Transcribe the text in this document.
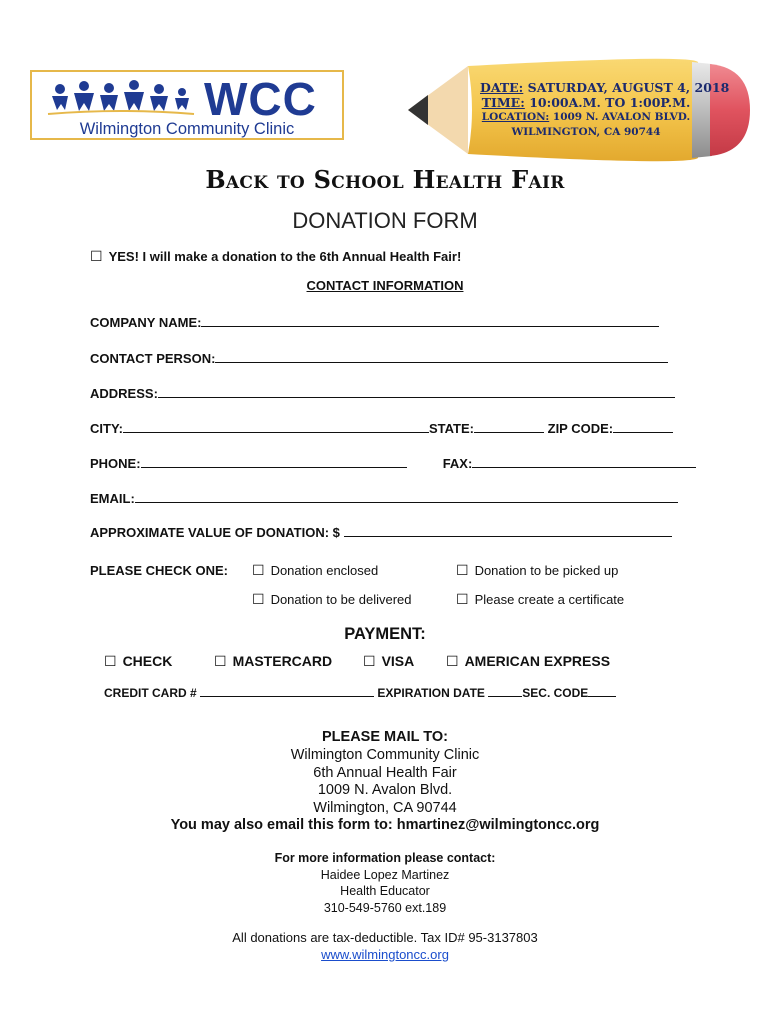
WCC
Wilmington Community Clinic
DATE: SATURDAY, AUGUST 4, 2018
TIME: 10:00A.M. TO 1:00P.M.
LOCATION: 1009 N. AVALON BLVD.
WILMINGTON, CA 90744
Back to School Health Fair
DONATION FORM
☐ YES! I will make a donation to the 6th Annual Health Fair!
CONTACT INFORMATION
COMPANY NAME:
CONTACT PERSON:
ADDRESS:
CITY:	STATE:	ZIP CODE:
PHONE:	FAX:
EMAIL:
APPROXIMATE VALUE OF DONATION: $
PLEASE CHECK ONE: ☐ Donation enclosed	☐ Donation to be picked up
☐ Donation to be delivered	☐ Please create a certificate
PAYMENT:
☐ CHECK	☐ MASTERCARD ☐ VISA ☐ AMERICAN EXPRESS
CREDIT CARD #	EXPIRATION DATE	SEC. CODE
PLEASE MAIL TO:
Wilmington Community Clinic
6th Annual Health Fair
1009 N. Avalon Blvd.
Wilmington, CA 90744
You may also email this form to: hmartinez@wilmingtoncc.org
For more information please contact:
Haidee Lopez Martinez
Health Educator
310-549-5760 ext.189
All donations are tax-deductible. Tax ID# 95-3137803
www.wilmingtoncc.org
